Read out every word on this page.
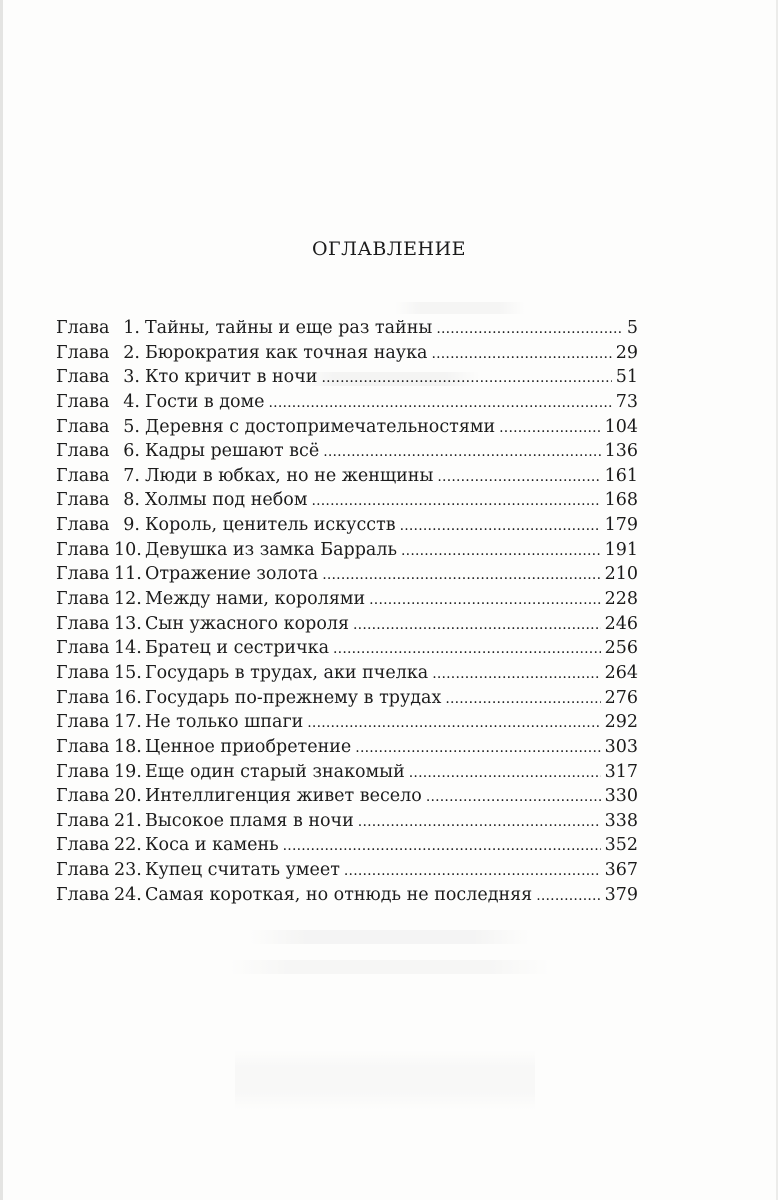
ОГЛАВЛЕНИЕ
Глава 1. Тайны, тайны и еще раз тайны .....	5
Глава 2. Бюрократия как точная наука .....	29
Глава 3. Кто кричит в ночи .....	51
Глава 4. Гости в доме .....	73
Глава 5. Деревня с достопримечательностями .....	104
Глава 6. Кадры решают всё .....	136
Глава 7. Люди в юбках, но не женщины .....	161
Глава 8. Холмы под небом .....	168
Глава 9. Король, ценитель искусств .....	179
Глава 10. Девушка из замка Барраль .....	191
Глава 11. Отражение золота .....	210
Глава 12. Между нами, королями .....	228
Глава 13. Сын ужасного короля .....	246
Глава 14. Братец и сестричка .....	256
Глава 15. Государь в трудах, аки пчелка .....	264
Глава 16. Государь по-прежнему в трудах .....	276
Глава 17. Не только шпаги .....	292
Глава 18. Ценное приобретение .....	303
Глава 19. Еще один старый знакомый .....	317
Глава 20. Интеллигенция живет весело .....	330
Глава 21. Высокое пламя в ночи .....	338
Глава 22. Коса и камень .....	352
Глава 23. Купец считать умеет .....	367
Глава 24. Самая короткая, но отнюдь не последняя .....	379
